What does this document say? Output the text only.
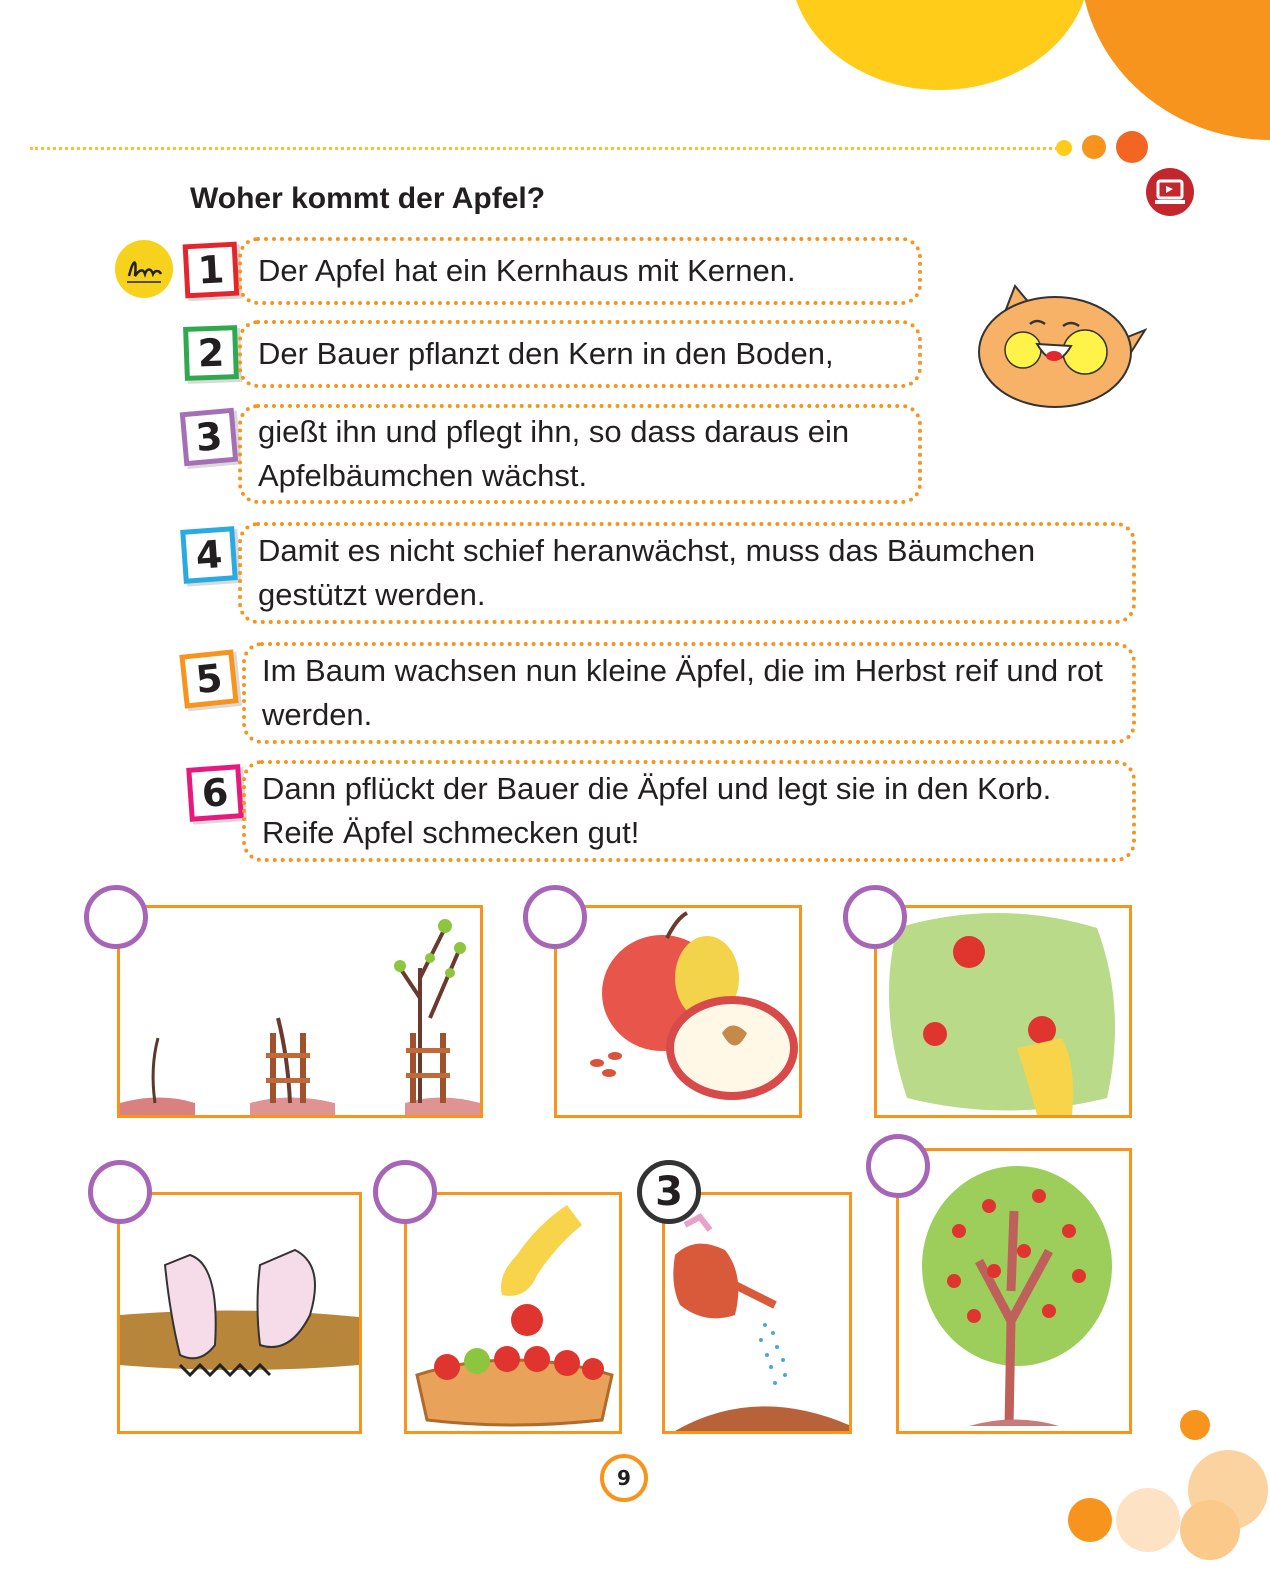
Woher kommt der Apfel?
1	Der Apfel hat ein Kernhaus mit Kernen.
2	Der Bauer pflanzt den Kern in den Boden,
3	gießt ihn und pflegt ihn, so dass daraus ein Apfelbäumchen wächst.
4	Damit es nicht schief heranwächst, muss das Bäumchen gestützt werden.
5	Im Baum wachsen nun kleine Äpfel, die im Herbst reif und rot werden.
6	Dann pflückt der Bauer die Äpfel und legt sie in den Korb. Reife Äpfel schmecken gut!
3
9
